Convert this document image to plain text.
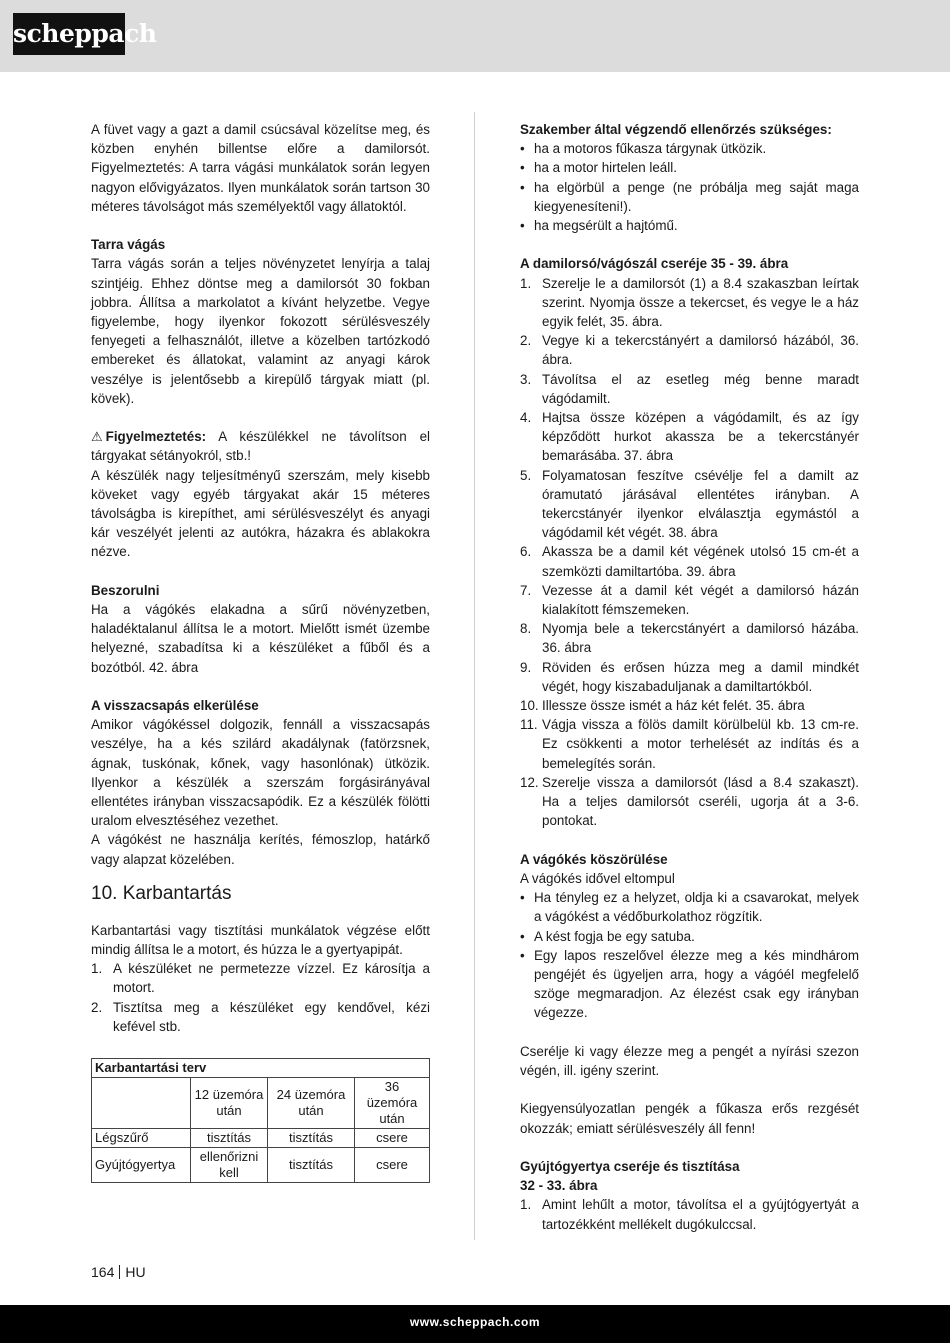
scheppach

A füvet vagy a gazt a damil csúcsával közelítse meg, és közben enyhén billentse előre a damilorsót. Figyelmeztetés: A tarra vágási munkálatok során legyen nagyon elővigyázatos. Ilyen munkálatok során tartson 30 méteres távolságot más személyektől vagy állatoktól.

Tarra vágás

Tarra vágás során a teljes növényzetet lenyírja a talaj szintjéig. Ehhez döntse meg a damilorsót 30 fokban jobbra. Állítsa a markolatot a kívánt helyzetbe. Vegye figyelembe, hogy ilyenkor fokozott sérülésveszély fenyegeti a felhasználót, illetve a közelben tartózkodó embereket és állatokat, valamint az anyagi károk veszélye is jelentősebb a kirepülő tárgyak miatt (pl. kövek).

⚠ Figyelmeztetés: A készülékkel ne távolítson el tárgyakat sétányokról, stb.!

A készülék nagy teljesítményű szerszám, mely kisebb köveket vagy egyéb tárgyakat akár 15 méteres távolságba is kirepíthet, ami sérülésveszélyt és anyagi kár veszélyét jelenti az autókra, házakra és ablakokra nézve.

Beszorulni

Ha a vágókés elakadna a sűrű növényzetben, haladéktalanul állítsa le a motort. Mielőtt ismét üzembe helyezné, szabadítsa ki a készüléket a fűből és a bozótból. 42. ábra

A visszacsapás elkerülése

Amikor vágókéssel dolgozik, fennáll a visszacsapás veszélye, ha a kés szilárd akadálynak (fatörzsnek, ágnak, tuskónak, kőnek, vagy hasonlónak) ütközik. Ilyenkor a készülék a szerszám forgásirányával ellentétes irányban visszacsapódik. Ez a készülék fölötti uralom elvesztéséhez vezethet.

A vágókést ne használja kerítés, fémoszlop, határkő vagy alapzat közelében.

10. Karbantartás

Karbantartási vagy tisztítási munkálatok végzése előtt mindig állítsa le a motort, és húzza le a gyertyapipát.

1. A készüléket ne permetezze vízzel. Ez károsítja a motort.
2. Tisztítsa meg a készüléket egy kendővel, kézi kefével stb.
Karbantartási terv			
	12 üzemóra után	24 üzemóra után	36 üzemóra után
Légszűrő	tisztítás	tisztítás	csere
Gyújtógyertya	ellenőrizni kell	tisztítás	csere

Szakember által végzendő ellenőrzés szükséges:

• ha a motoros fűkasza tárgynak ütközik.
• ha a motor hirtelen leáll.
• ha elgörbül a penge (ne próbálja meg saját maga kiegyenesíteni!).
• ha megsérült a hajtómű.

A damilorsó/vágószál cseréje 35 - 39. ábra

1. Szerelje le a damilorsót (1) a 8.4 szakaszban leírtak szerint. Nyomja össze a tekercset, és vegye le a ház egyik felét, 35. ábra.
2. Vegye ki a tekercstányért a damilorsó házából, 36. ábra.
3. Távolítsa el az esetleg még benne maradt vágódamilt.
4. Hajtsa össze középen a vágódamilt, és az így képződött hurkot akassza be a tekercstányér bemarásába. 37. ábra
5. Folyamatosan feszítve csévélje fel a damilt az óramutató járásával ellentétes irányban. A tekercstányér ilyenkor elválasztja egymástól a vágódamil két végét. 38. ábra
6. Akassza be a damil két végének utolsó 15 cm-ét a szemközti damiltartóba. 39. ábra
7. Vezesse át a damil két végét a damilorsó házán kialakított fémszemeken.
8. Nyomja bele a tekercstányért a damilorsó házába. 36. ábra
9. Röviden és erősen húzza meg a damil mindkét végét, hogy kiszabaduljanak a damiltartókból.
10. Illessze össze ismét a ház két felét. 35. ábra
11. Vágja vissza a fölös damilt körülbelül kb. 13 cm-re. Ez csökkenti a motor terhelését az indítás és a bemelegítés során.
12. Szerelje vissza a damilorsót (lásd a 8.4 szakaszt). Ha a teljes damilorsót cseréli, ugorja át a 3-6. pontokat.

A vágókés köszörülése

A vágókés idővel eltompul

• Ha tényleg ez a helyzet, oldja ki a csavarokat, melyek a vágókést a védőburkolathoz rögzítik.
• A kést fogja be egy satuba.
• Egy lapos reszelővel élezze meg a kés mindhárom pengéjét és ügyeljen arra, hogy a vágóél megfelelő szöge megmaradjon. Az élezést csak egy irányban végezze.

Cserélje ki vagy élezze meg a pengét a nyírási szezon végén, ill. igény szerint.

Kiegyensúlyozatlan pengék a fűkasza erős rezgését okozzák; emiatt sérülésveszély áll fenn!

Gyújtógyertya cseréje és tisztítása

32 - 33. ábra

1. Amint lehűlt a motor, távolítsa el a gyújtógyertyát a tartozékként mellékelt dugókulccsal.
164 HU
www.scheppach.com
